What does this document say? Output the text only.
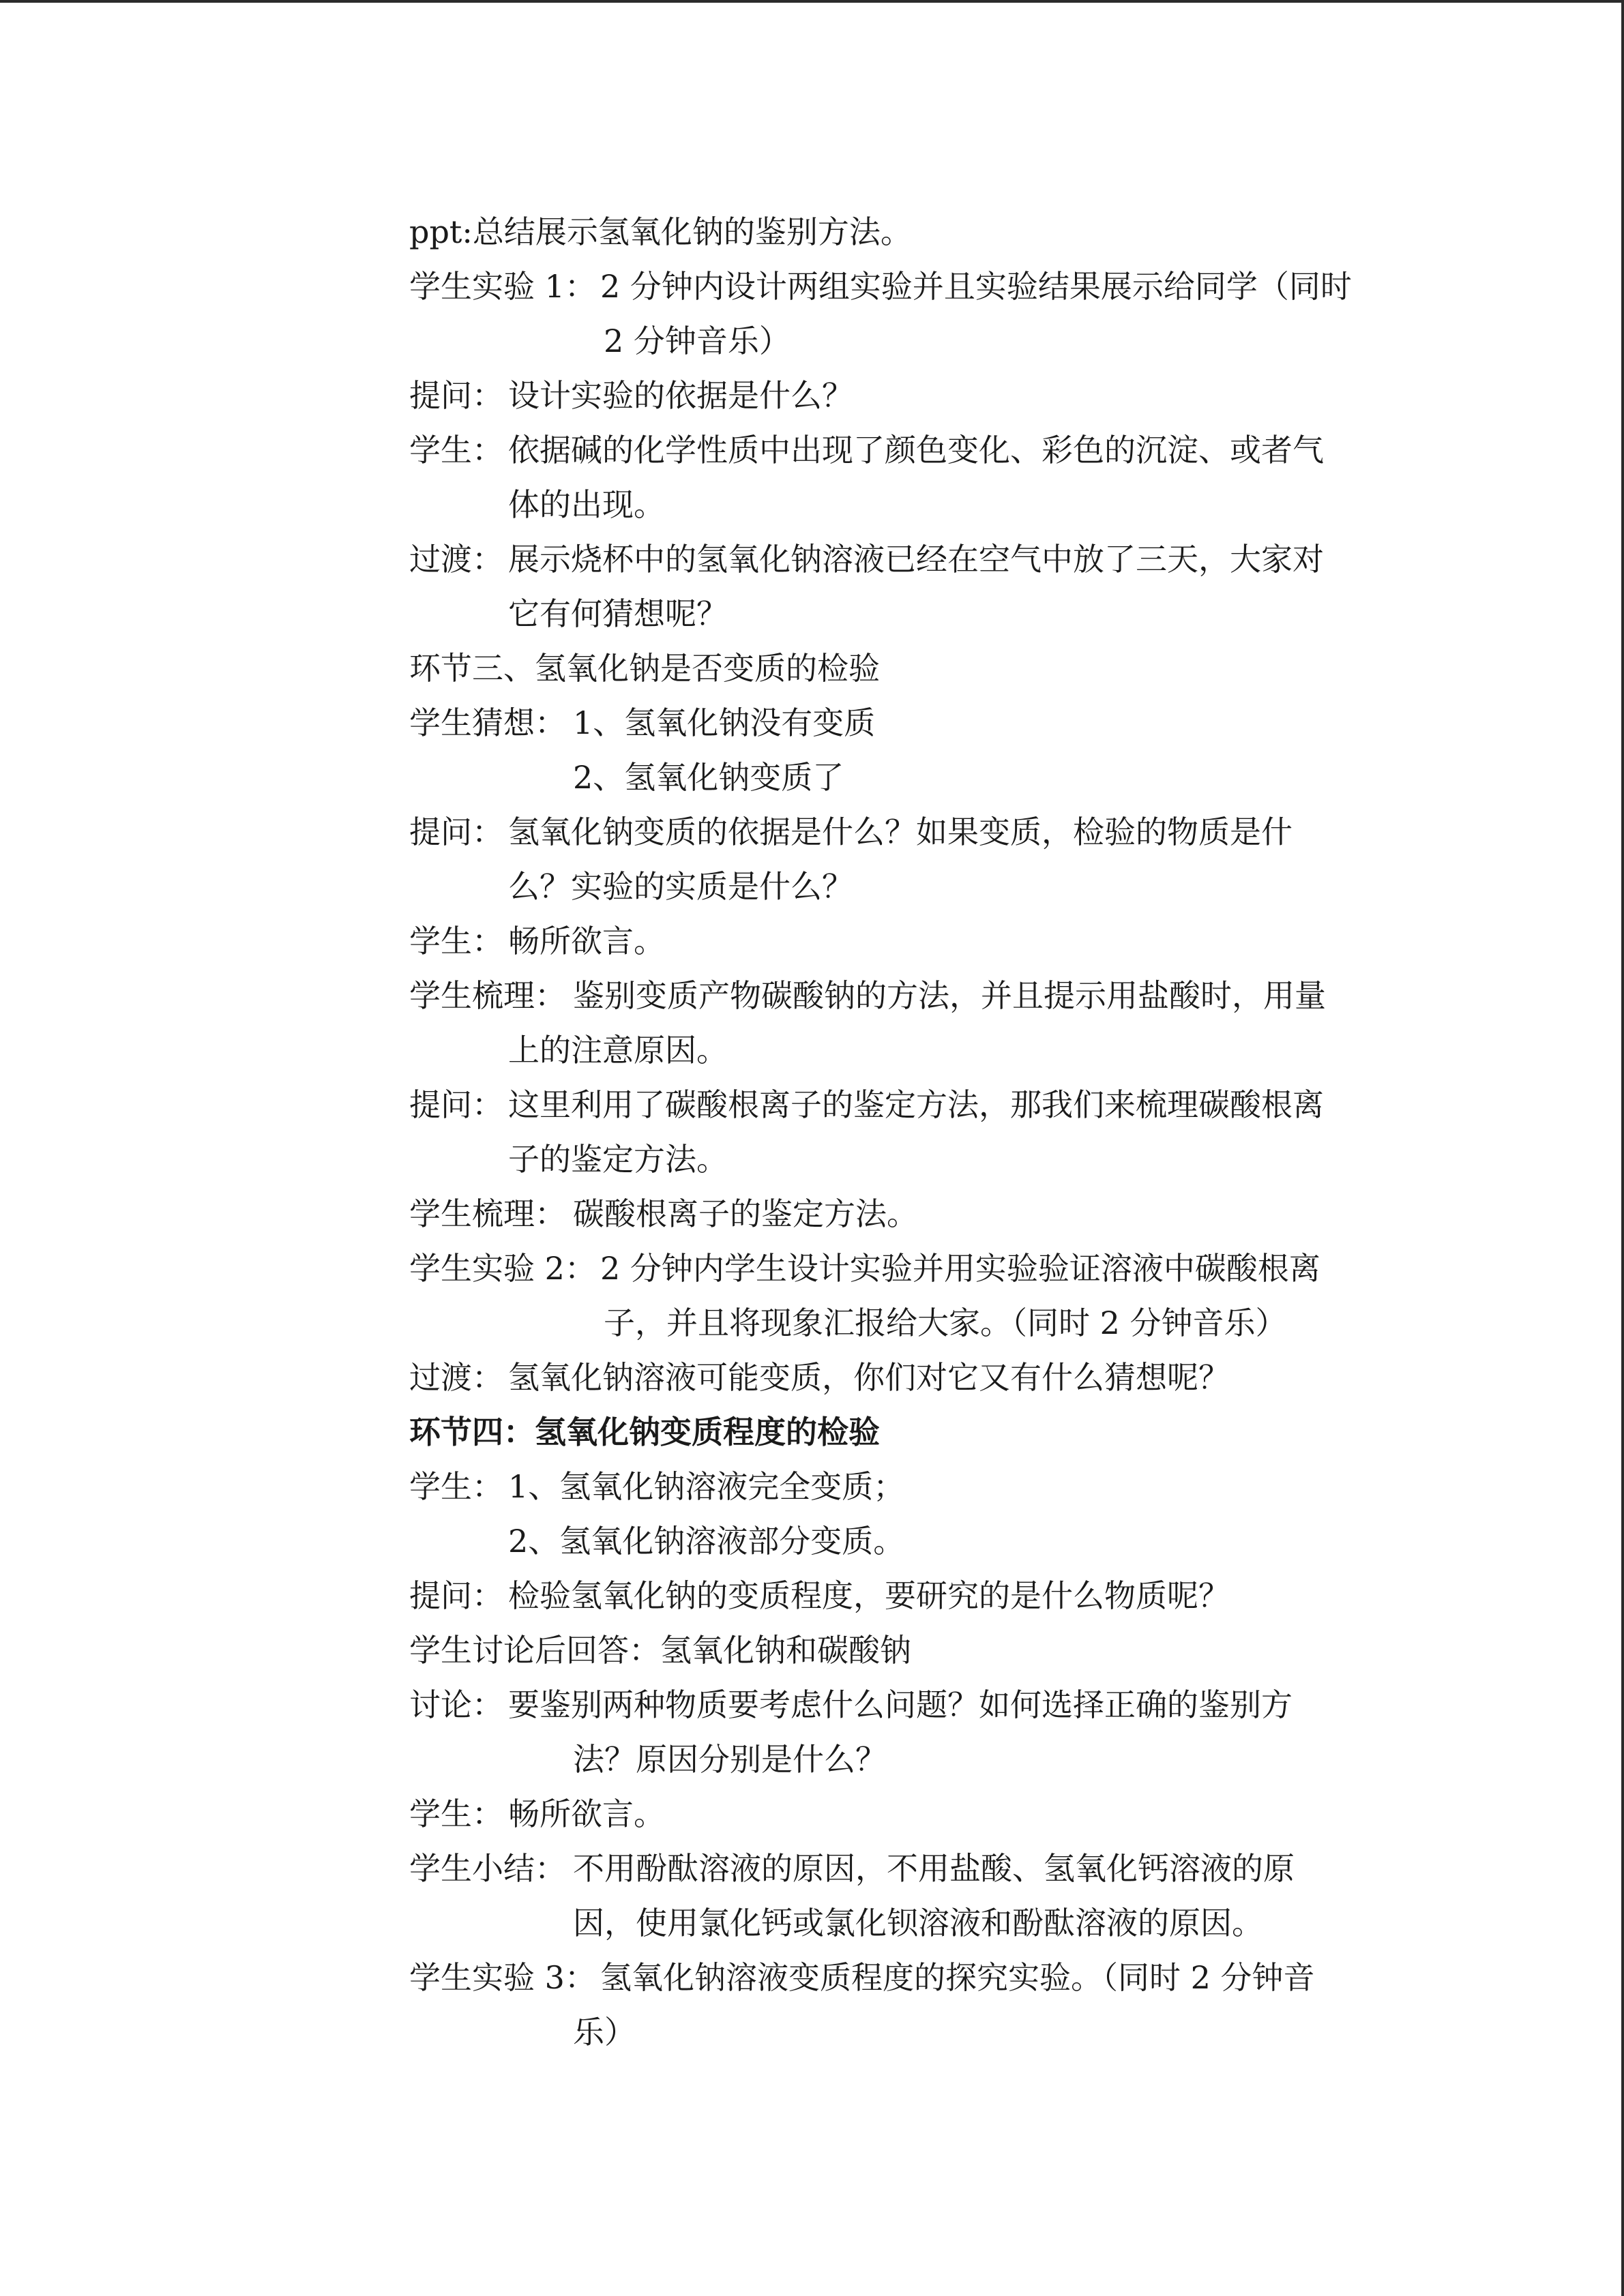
ppt:总结展示氢氧化钠的鉴别方法。
学生实验 1： 2 分钟内设计两组实验并且实验结果展示给同学（同时
2 分钟音乐）
提问： 设计实验的依据是什么？
学生： 依据碱的化学性质中出现了颜色变化、彩色的沉淀、或者气
体的出现。
过渡： 展示烧杯中的氢氧化钠溶液已经在空气中放了三天，大家对
它有何猜想呢？
环节三、氢氧化钠是否变质的检验
学生猜想： 1、氢氧化钠没有变质
2、氢氧化钠变质了
提问： 氢氧化钠变质的依据是什么？如果变质，检验的物质是什
么？实验的实质是什么？
学生： 畅所欲言。
学生梳理： 鉴别变质产物碳酸钠的方法，并且提示用盐酸时，用量
上的注意原因。
提问： 这里利用了碳酸根离子的鉴定方法，那我们来梳理碳酸根离
子的鉴定方法。
学生梳理： 碳酸根离子的鉴定方法。
学生实验 2： 2 分钟内学生设计实验并用实验验证溶液中碳酸根离
子，并且将现象汇报给大家。（同时 2 分钟音乐）
过渡： 氢氧化钠溶液可能变质，你们对它又有什么猜想呢？
环节四：氢氧化钠变质程度的检验
学生： 1、氢氧化钠溶液完全变质；
2、氢氧化钠溶液部分变质。
提问： 检验氢氧化钠的变质程度，要研究的是什么物质呢？
学生讨论后回答：氢氧化钠和碳酸钠
讨论： 要鉴别两种物质要考虑什么问题？如何选择正确的鉴别方
法？原因分别是什么？
学生： 畅所欲言。
学生小结： 不用酚酞溶液的原因，不用盐酸、氢氧化钙溶液的原
因，使用氯化钙或氯化钡溶液和酚酞溶液的原因。
学生实验 3： 氢氧化钠溶液变质程度的探究实验。（同时 2 分钟音
乐）
